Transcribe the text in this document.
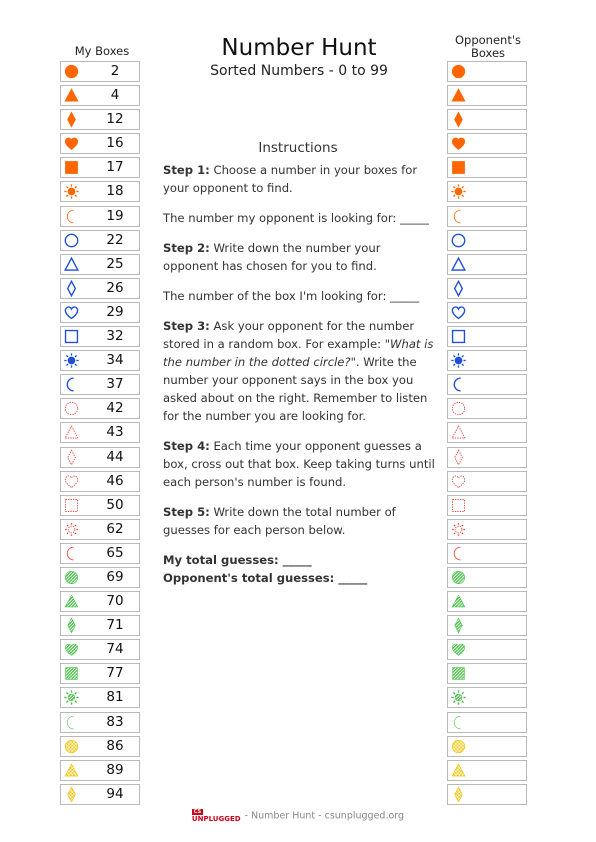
Number Hunt
Sorted Numbers - 0 to 99
My Boxes
Opponent's Boxes
2
4
12
16
17
18
19
22
25
26
29
32
34
37
42
43
44
46
50
62
65
69
70
71
74
77
81
83
86
89
94
Instructions

Step 1: Choose a number in your boxes for your opponent to find.

The number my opponent is looking for: _____

Step 2: Write down the number your opponent has chosen for you to find.

The number of the box I'm looking for: _____

Step 3: Ask your opponent for the number stored in a random box. For example: "What is the number in the dotted circle?". Write the number your opponent says in the box you asked about on the right. Remember to listen for the number you are looking for.

Step 4: Each time your opponent guesses a box, cross out that box. Keep taking turns until each person's number is found.

Step 5: Write down the total number of guesses for each person below.

My total guesses: _____

Opponent's total guesses: _____

CS
UNPLUGGED - Number Hunt - csunplugged.org
